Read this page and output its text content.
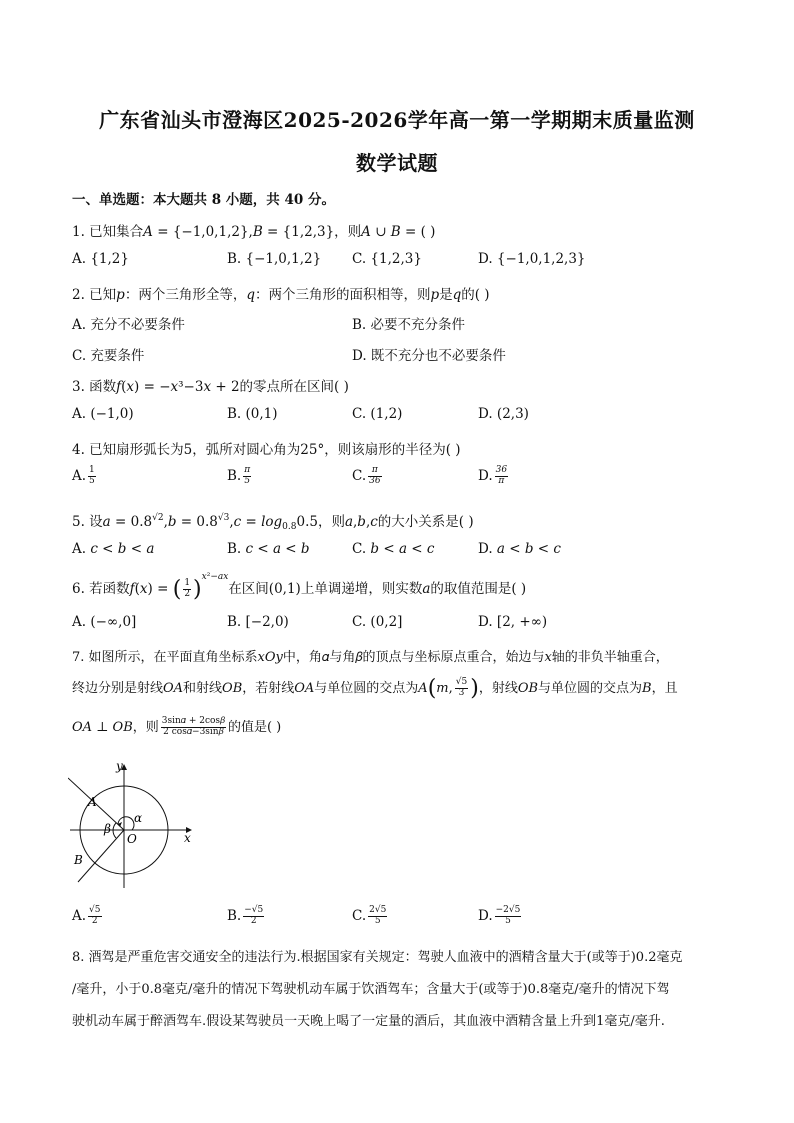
广东省汕头市澄海区2025-2026学年高一第一学期期末质量监测
数学试题
一、单选题：本大题共 8 小题，共 40 分。
1. 已知集合𝐴 = {−1,0,1,2},𝐵 = {1,2,3}，则𝐴 ∪ 𝐵 = ( )
A. {1,2}	B. {−1,0,1,2} C. {1,2,3}	D. {−1,0,1,2,3}
2. 已知𝑝：两个三角形全等，𝑞：两个三角形的面积相等，则𝑝是𝑞的( )
A. 充分不必要条件	B. 必要不充分条件
C. 充要条件	D. 既不充分也不必要条件
3. 函数𝑓(𝑥) = −𝑥³−3𝑥 + 2的零点所在区间( )
A. (−1,0)	B. (0,1)	C. (1,2)	D. (2,3)
4. 已知扇形弧长为5，弧所对圆心角为25°，则该扇形的半径为( )
A. $\frac{1}{5}$	B. $\frac{\pi}{5}$	C. $\frac{\pi}{36}$	D. $\frac{36}{\pi}$
5. 设𝑎 = $0.8^{√2},𝑏$ = $0.8^{√3},𝑐$ = 𝑙𝑜𝑔$_{0.8}$0.5，则𝑎,𝑏,𝑐的大小关系是( )
A. 𝑐 < 𝑏 < 𝑎	B. 𝑐 < 𝑎 < 𝑏	C. 𝑏 < 𝑎 < 𝑐	D. 𝑎 < 𝑏 < 𝑐
6. 若函数𝑓(𝑥) = ( $\frac{1}{2} )^{𝑥^2-𝑎𝑥}$在区间(0,1)上单调递增，则实数𝑎的取值范围是( )
A. (−∞,0]	B. [−2,0)	C. (0,2]	D. [2, +∞)
7. 如图所示，在平面直角坐标系𝑥𝑂𝑦中，角𝛼与角𝛽的顶点与坐标原点重合，始边与𝑥轴的非负半轴重合，
终边分别是射线𝑂𝐴和射线𝑂𝐵，若射线𝑂𝐴与单位圆的交点为𝐴(𝑚, $\frac{√5}{3}$ )，射线𝑂𝐵与单位圆的交点为𝐵，且
𝑂𝐴 ⊥ 𝑂𝐵，则 $\frac{\text{3sin𝛼 + 2cos𝛽}}{\text{2 cos𝛼−3sin𝛽}}$ 的值是( )
y
x
O
A
B
α
β
A. $\frac{√5}{2}$	B. $\frac{-√5}{2}$	C. $\frac{2√5}{5}$	D. $\frac{-2√5}{5}$
8. 酒驾是严重危害交通安全的违法行为.根据国家有关规定：驾驶人血液中的酒精含量大于(或等于)0.2毫克
/毫升，小于0.8毫克/毫升的情况下驾驶机动车属于饮酒驾车；含量大于(或等于)0.8毫克/毫升的情况下驾
驶机动车属于醉酒驾车.假设某驾驶员一天晚上喝了一定量的酒后，其血液中酒精含量上升到1毫克/毫升.
